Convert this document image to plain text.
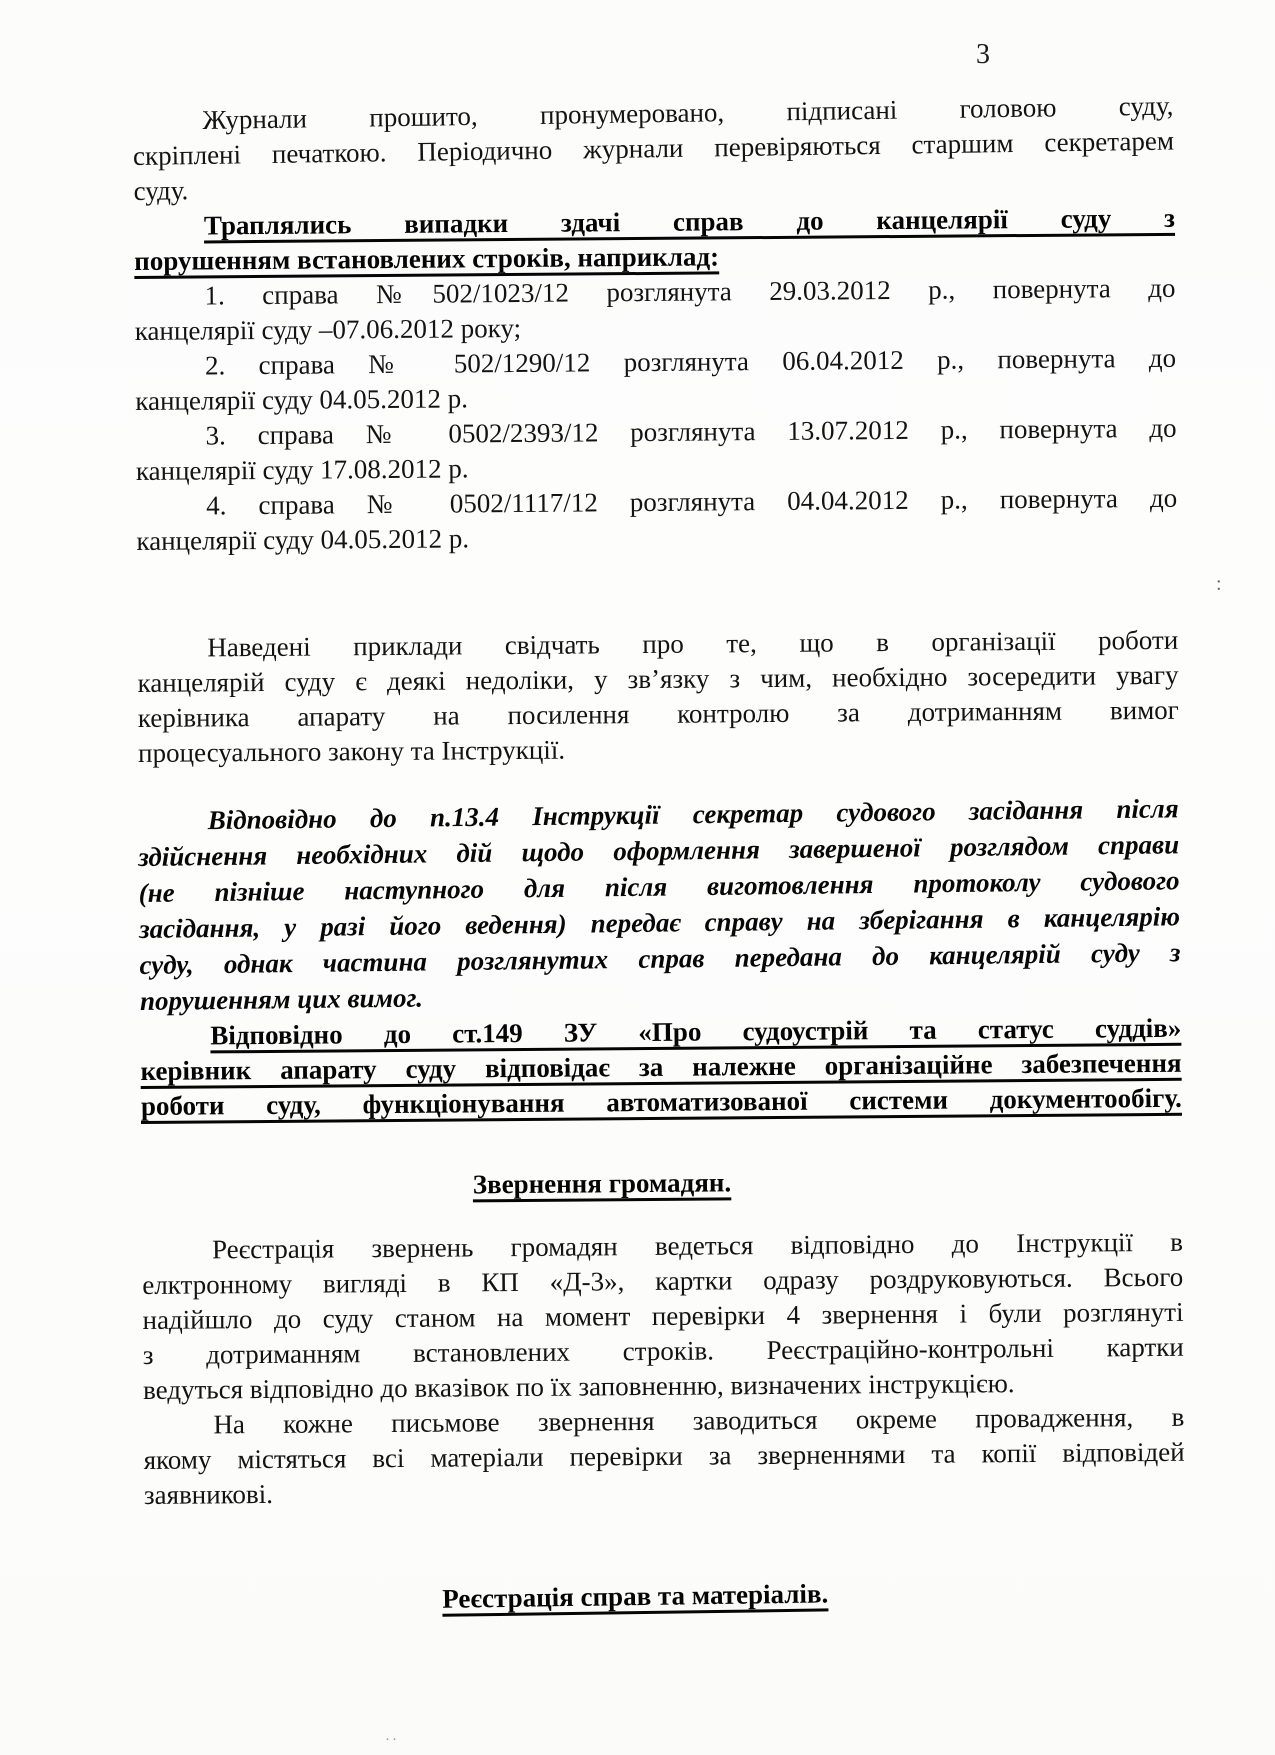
3
Журнали прошито, пронумеровано, підписані головою суду,
скріплені печаткою. Періодично журнали перевіряються старшим секретарем
суду.
Траплялись випадки здачі справ до канцелярії суду з
порушенням встановлених строків, наприклад:
1. справа №502/1023/12 розглянута 29.03.2012 р., повернута до
канцелярії суду –07.06.2012 року;
2. справа № 502/1290/12 розглянута 06.04.2012 р., повернута до
канцелярії суду 04.05.2012 р.
3. справа № 0502/2393/12 розглянута 13.07.2012 р., повернута до
канцелярії суду 17.08.2012 р.
4. справа № 0502/1117/12 розглянута 04.04.2012 р., повернута до
канцелярії суду 04.05.2012 р.
Наведені приклади свідчать про те, що в організації роботи
канцелярій суду є деякі недоліки, у зв’язку з чим, необхідно зосередити увагу
керівника апарату на посилення контролю за дотриманням вимог
процесуального закону та Інструкції.
Відповідно до п.13.4 Інструкції секретар судового засідання після
здійснення необхідних дій щодо оформлення завершеної розглядом справи
(не пізніше наступного для після виготовлення протоколу судового
засідання, у разі його ведення) передає справу на зберігання в канцелярію
суду, однак частина розглянутих справ передана до канцелярій суду з
порушенням цих вимог.
Відповідно до ст.149 ЗУ «Про судоустрій та статус суддів»
керівник апарату суду відповідає за належне організаційне забезпечення
роботи суду, функціонування автоматизованої системи документообігу.
Звернення громадян.
Реєстрація звернень громадян ведеться відповідно до Інструкції в
елктронному вигляді в КП «Д-3», картки одразу роздруковуються. Всього
надійшло до суду станом на момент перевірки 4 звернення і були розглянуті
з дотриманням встановлених строків. Реєстраційно-контрольні картки
ведуться відповідно до вказівок по їх заповненню, визначених інструкцією.
На кожне письмове звернення заводиться окреме провадження, в
якому містяться всі матеріали перевірки за зверненнями та копії відповідей
заявникові.
Реєстрація справ та матеріалів.
:
··
